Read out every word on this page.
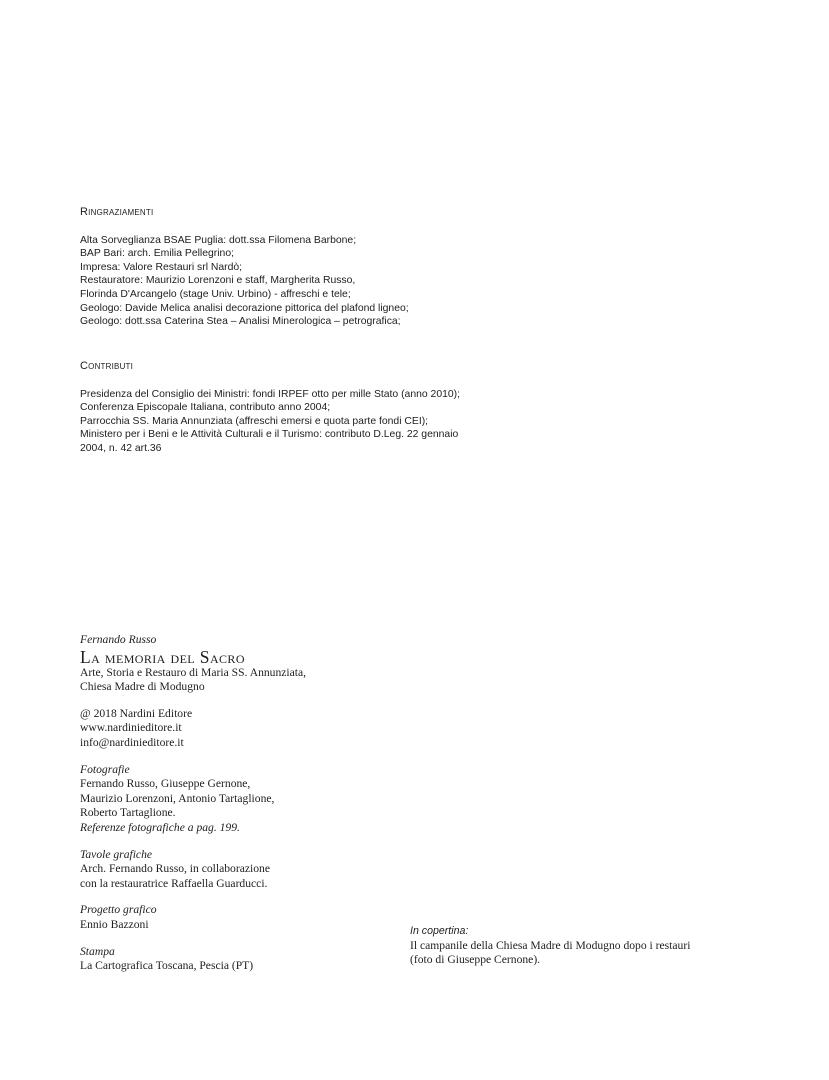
Ringraziamenti
Alta Sorveglianza BSAE Puglia: dott.ssa Filomena Barbone;
BAP Bari: arch. Emilia Pellegrino;
Impresa: Valore Restauri srl Nardò;
Restauratore: Maurizio Lorenzoni e staff, Margherita Russo,
Florinda D'Arcangelo (stage Univ. Urbino) - affreschi e tele;
Geologo: Davide Melica analisi decorazione pittorica del plafond ligneo;
Geologo: dott.ssa Caterina Stea – Analisi Minerologica – petrografica;
Contributi
Presidenza del Consiglio dei Ministri: fondi IRPEF otto per mille Stato (anno 2010);
Conferenza Episcopale Italiana, contributo anno 2004;
Parrocchia SS. Maria Annunziata (affreschi emersi e quota parte fondi CEI);
Ministero per i Beni e le Attività Culturali e il Turismo: contributo D.Leg. 22 gennaio
2004, n. 42 art.36
Fernando Russo
La memoria del Sacro
Arte, Storia e Restauro di Maria SS. Annunziata,
Chiesa Madre di Modugno
@ 2018 Nardini Editore
www.nardinieditore.it
info@nardinieditore.it
Fotografie
Fernando Russo, Giuseppe Gernone,
Maurizio Lorenzoni, Antonio Tartaglione,
Roberto Tartaglione.
Referenze fotografiche a pag. 199.
Tavole grafiche
Arch. Fernando Russo, in collaborazione
con la restauratrice Raffaella Guarducci.
Progetto grafico
Ennio Bazzoni
Stampa
La Cartografica Toscana, Pescia (PT)
In copertina:
Il campanile della Chiesa Madre di Modugno dopo i restauri
(foto di Giuseppe Cernone).
